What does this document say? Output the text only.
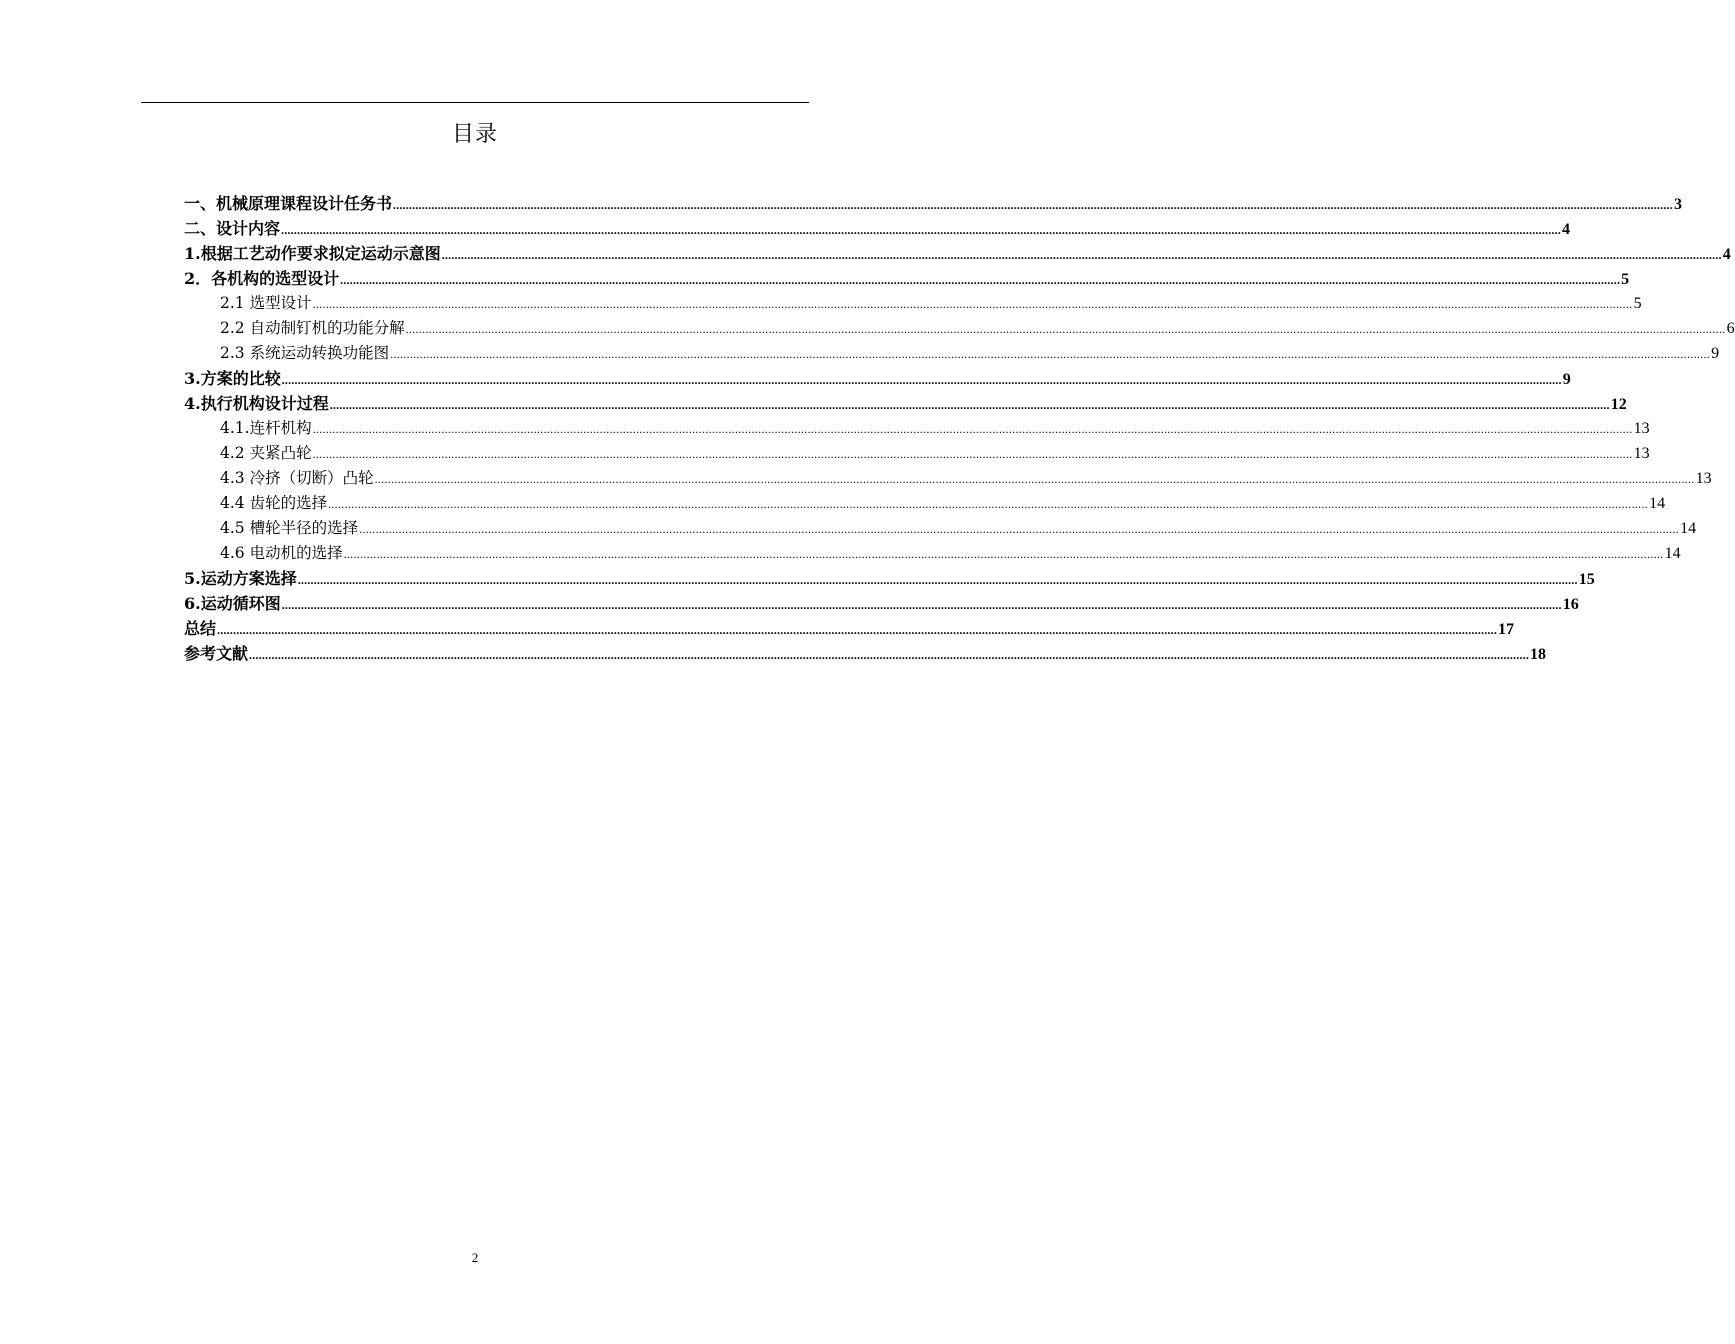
目录
一、机械原理课程设计任务书 ................................................................................................................................................................................................................................................................................................................................................................................................................ 3
二、设计内容 ................................................................................................................................................................................................................................................................................................................................................................................................................ 4
1.根据工艺动作要求拟定运动示意图 ................................................................................................................................................................................................................................................................................................................................................................................................................ 4
2．各机构的选型设计 ................................................................................................................................................................................................................................................................................................................................................................................................................ 5
2.1 选型设计 ................................................................................................................................................................................................................................................................................................................................................................................................................ 5
2.2 自动制钉机的功能分解 ................................................................................................................................................................................................................................................................................................................................................................................................................ 6
2.3 系统运动转换功能图 ................................................................................................................................................................................................................................................................................................................................................................................................................ 9
3.方案的比较 ................................................................................................................................................................................................................................................................................................................................................................................................................ 9
4.执行机构设计过程 ................................................................................................................................................................................................................................................................................................................................................................................................................ 12
4.1.连杆机构 ................................................................................................................................................................................................................................................................................................................................................................................................................ 13
4.2 夹紧凸轮 ................................................................................................................................................................................................................................................................................................................................................................................................................ 13
4.3 冷挤（切断）凸轮 ................................................................................................................................................................................................................................................................................................................................................................................................................ 13
4.4 齿轮的选择 ................................................................................................................................................................................................................................................................................................................................................................................................................ 14
4.5 槽轮半径的选择 ................................................................................................................................................................................................................................................................................................................................................................................................................ 14
4.6 电动机的选择 ................................................................................................................................................................................................................................................................................................................................................................................................................ 14
5.运动方案选择 ................................................................................................................................................................................................................................................................................................................................................................................................................ 15
6.运动循环图 ................................................................................................................................................................................................................................................................................................................................................................................................................ 16
总结 ................................................................................................................................................................................................................................................................................................................................................................................................................ 17
参考文献 ................................................................................................................................................................................................................................................................................................................................................................................................................ 18
2
